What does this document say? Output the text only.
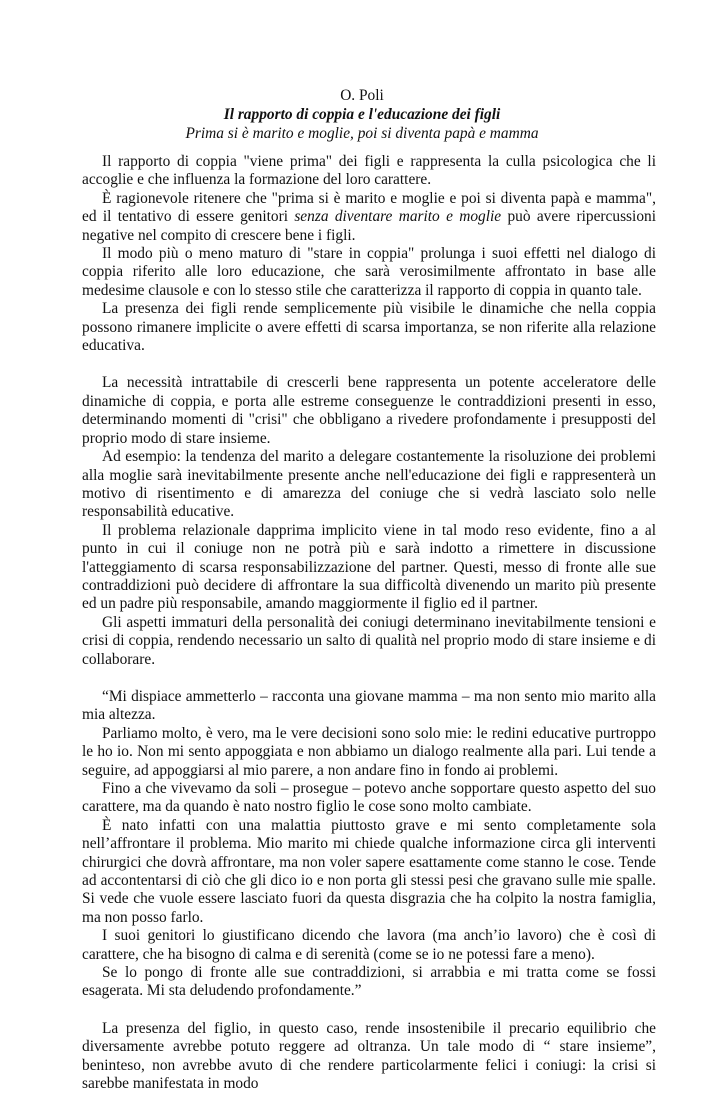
O. Poli
Il rapporto di coppia e l'educazione dei figli
Prima si è marito e moglie, poi si diventa papà e mamma

Il rapporto di coppia "viene prima" dei figli e rappresenta la culla psicologica che li accoglie e che influenza la formazione del loro carattere.

È ragionevole ritenere che "prima si è marito e moglie e poi si diventa papà e mamma", ed il tentativo di essere genitori senza diventare marito e moglie può avere ripercussioni negative nel compito di crescere bene i figli.

Il modo più o meno maturo di "stare in coppia" prolunga i suoi effetti nel dialogo di coppia riferito alle loro educazione, che sarà verosimilmente affrontato in base alle medesime clausole e con lo stesso stile che caratterizza il rapporto di coppia in quanto tale.

La presenza dei figli rende semplicemente più visibile le dinamiche che nella coppia possono rimanere implicite o avere effetti di scarsa importanza, se non riferite alla relazione educativa.

La necessità intrattabile di crescerli bene rappresenta un potente acceleratore delle dinamiche di coppia, e porta alle estreme conseguenze le contraddizioni presenti in esso, determinando momenti di "crisi" che obbligano a rivedere profondamente i presupposti del proprio modo di stare insieme.

Ad esempio: la tendenza del marito a delegare costantemente la risoluzione dei problemi alla moglie sarà inevitabilmente presente anche nell'educazione dei figli e rappresenterà un motivo di risentimento e di amarezza del coniuge che si vedrà lasciato solo nelle responsabilità educative.

Il problema relazionale dapprima implicito viene in tal modo reso evidente, fino a al punto in cui il coniuge non ne potrà più e sarà indotto a rimettere in discussione l'atteggiamento di scarsa responsabilizzazione del partner. Questi, messo di fronte alle sue contraddizioni può decidere di affrontare la sua difficoltà divenendo un marito più presente ed un padre più responsabile, amando maggiormente il figlio ed il partner.

Gli aspetti immaturi della personalità dei coniugi determinano inevitabilmente tensioni e crisi di coppia, rendendo necessario un salto di qualità nel proprio modo di stare insieme e di collaborare.

“Mi dispiace ammetterlo – racconta una giovane mamma – ma non sento mio marito alla mia altezza.

Parliamo molto, è vero, ma le vere decisioni sono solo mie: le redini educative purtroppo le ho io. Non mi sento appoggiata e non abbiamo un dialogo realmente alla pari. Lui tende a seguire, ad appoggiarsi al mio parere, a non andare fino in fondo ai problemi.

Fino a che vivevamo da soli – prosegue – potevo anche sopportare questo aspetto del suo carattere, ma da quando è nato nostro figlio le cose sono molto cambiate.

È nato infatti con una malattia piuttosto grave e mi sento completamente sola nell’affrontare il problema. Mio marito mi chiede qualche informazione circa gli interventi chirurgici che dovrà affrontare, ma non voler sapere esattamente come stanno le cose. Tende ad accontentarsi di ciò che gli dico io e non porta gli stessi pesi che gravano sulle mie spalle. Si vede che vuole essere lasciato fuori da questa disgrazia che ha colpito la nostra famiglia, ma non posso farlo.

I suoi genitori lo giustificano dicendo che lavora (ma anch’io lavoro) che è così di carattere, che ha bisogno di calma e di serenità (come se io ne potessi fare a meno).

Se lo pongo di fronte alle sue contraddizioni, si arrabbia e mi tratta come se fossi esagerata. Mi sta deludendo profondamente.”

La presenza del figlio, in questo caso, rende insostenibile il precario equilibrio che diversamente avrebbe potuto reggere ad oltranza. Un tale modo di “ stare insieme”, beninteso, non avrebbe avuto di che rendere particolarmente felici i coniugi: la crisi si sarebbe manifestata in modo
